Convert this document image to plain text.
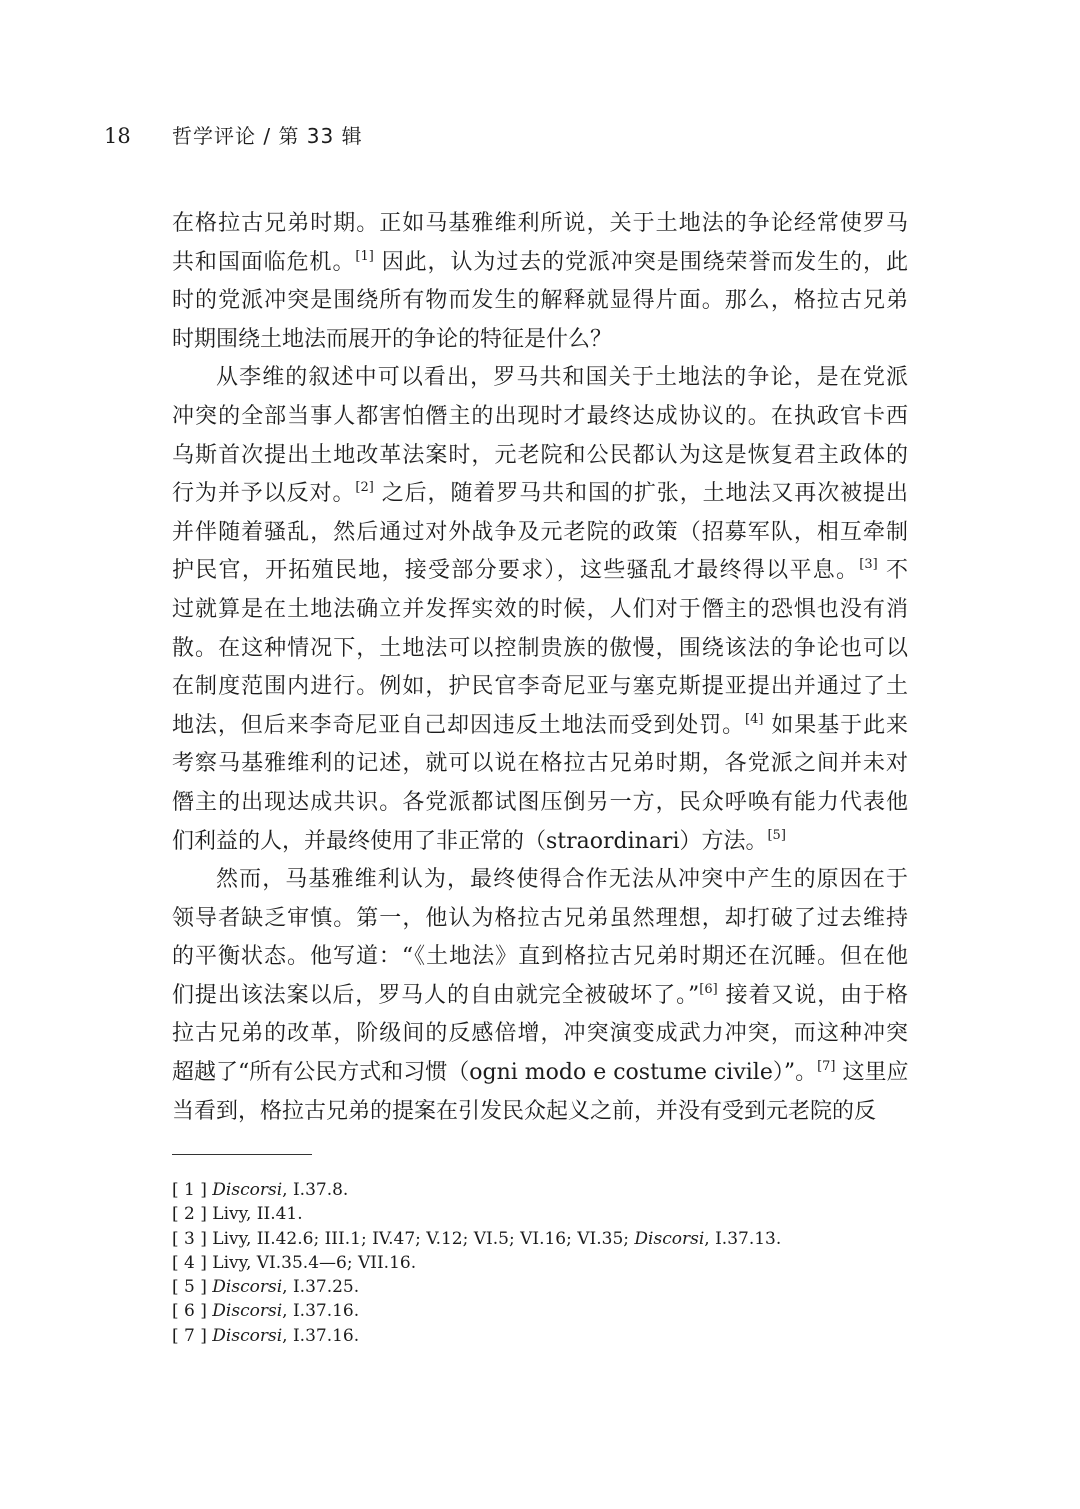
18 哲学评论 / 第 33 辑
在格拉古兄弟时期。正如马基雅维利所说，关于土地法的争论经常使罗马
共和国面临危机。[1] 因此，认为过去的党派冲突是围绕荣誉而发生的，此
时的党派冲突是围绕所有物而发生的解释就显得片面。那么，格拉古兄弟
时期围绕土地法而展开的争论的特征是什么？
从李维的叙述中可以看出，罗马共和国关于土地法的争论，是在党派
冲突的全部当事人都害怕僭主的出现时才最终达成协议的。在执政官卡西
乌斯首次提出土地改革法案时，元老院和公民都认为这是恢复君主政体的
行为并予以反对。[2] 之后，随着罗马共和国的扩张，土地法又再次被提出
并伴随着骚乱，然后通过对外战争及元老院的政策（招募军队，相互牵制
护民官，开拓殖民地，接受部分要求），这些骚乱才最终得以平息。[3] 不
过就算是在土地法确立并发挥实效的时候，人们对于僭主的恐惧也没有消
散。在这种情况下，土地法可以控制贵族的傲慢，围绕该法的争论也可以
在制度范围内进行。例如，护民官李奇尼亚与塞克斯提亚提出并通过了土
地法，但后来李奇尼亚自己却因违反土地法而受到处罚。[4] 如果基于此来
考察马基雅维利的记述，就可以说在格拉古兄弟时期，各党派之间并未对
僭主的出现达成共识。各党派都试图压倒另一方，民众呼唤有能力代表他
们利益的人，并最终使用了非正常的（straordinari）方法。[5]
然而，马基雅维利认为，最终使得合作无法从冲突中产生的原因在于
领导者缺乏审慎。第一，他认为格拉古兄弟虽然理想，却打破了过去维持
的平衡状态。他写道：“《土地法》直到格拉古兄弟时期还在沉睡。但在他
们提出该法案以后，罗马人的自由就完全被破坏了。”[6] 接着又说，由于格
拉古兄弟的改革，阶级间的反感倍增，冲突演变成武力冲突，而这种冲突
超越了“所有公民方式和习惯（ogni modo e costume civile）”。[7] 这里应
当看到，格拉古兄弟的提案在引发民众起义之前，并没有受到元老院的反
[ 1 ] Discorsi, I.37.8.
[ 2 ] Livy, II.41.
[ 3 ] Livy, II.42.6; III.1; IV.47; V.12; VI.5; VI.16; VI.35; Discorsi, I.37.13.
[ 4 ] Livy, VI.35.4—6; VII.16.
[ 5 ] Discorsi, I.37.25.
[ 6 ] Discorsi, I.37.16.
[ 7 ] Discorsi, I.37.16.
